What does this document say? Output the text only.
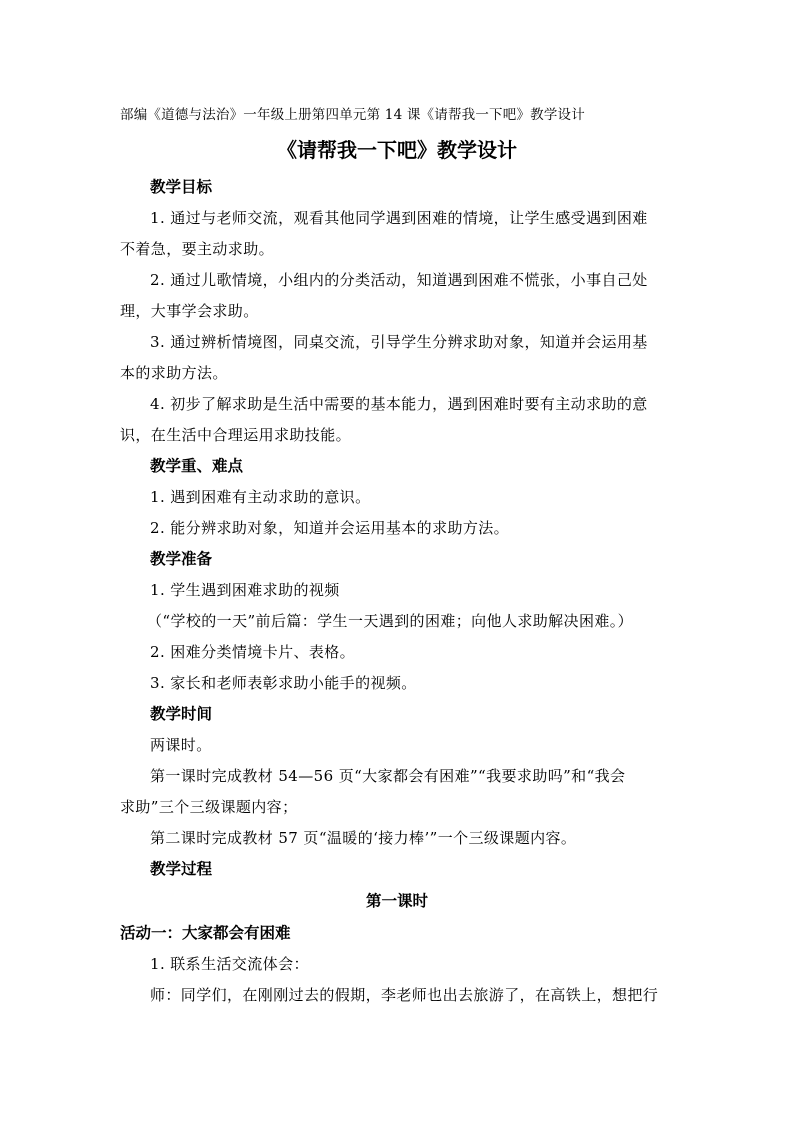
部编《道德与法治》一年级上册第四单元第 14 课《请帮我一下吧》教学设计
《请帮我一下吧》教学设计
教学目标
1. 通过与老师交流，观看其他同学遇到困难的情境，让学生感受遇到困难
不着急，要主动求助。
2. 通过儿歌情境，小组内的分类活动，知道遇到困难不慌张，小事自己处
理，大事学会求助。
3. 通过辨析情境图，同桌交流，引导学生分辨求助对象，知道并会运用基
本的求助方法。
4. 初步了解求助是生活中需要的基本能力，遇到困难时要有主动求助的意
识，在生活中合理运用求助技能。
教学重、难点
1. 遇到困难有主动求助的意识。
2. 能分辨求助对象，知道并会运用基本的求助方法。
教学准备
1. 学生遇到困难求助的视频
（“学校的一天”前后篇：学生一天遇到的困难；向他人求助解决困难。）
2. 困难分类情境卡片、表格。
3. 家长和老师表彰求助小能手的视频。
教学时间
两课时。
第一课时完成教材 54—56 页“大家都会有困难”“我要求助吗”和“我会
求助”三个三级课题内容；
第二课时完成教材 57 页“温暖的‘接力棒’”一个三级课题内容。
教学过程
第一课时
活动一：大家都会有困难
1. 联系生活交流体会：
师：同学们，在刚刚过去的假期，李老师也出去旅游了，在高铁上，想把行
